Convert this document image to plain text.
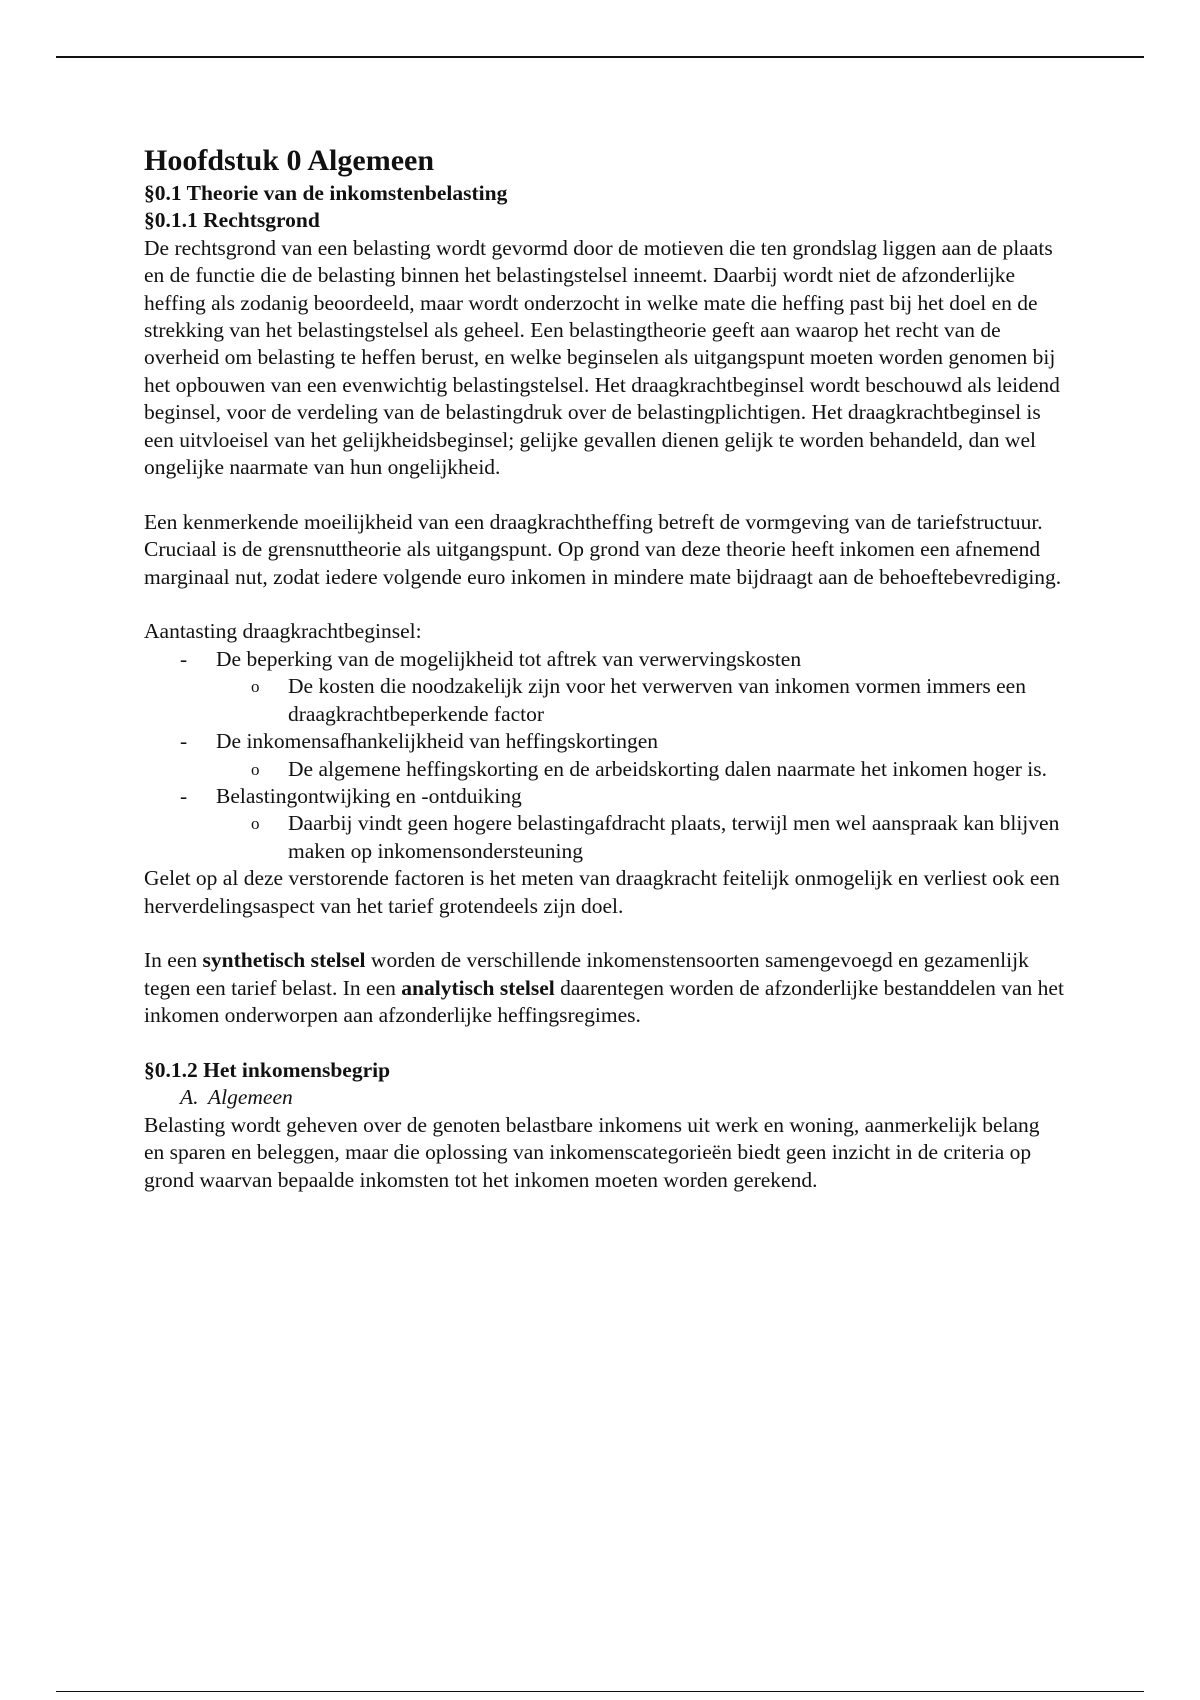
Hoofdstuk 0 Algemeen
§0.1 Theorie van de inkomstenbelasting
§0.1.1 Rechtsgrond

De rechtsgrond van een belasting wordt gevormd door de motieven die ten grondslag liggen aan de plaats en de functie die de belasting binnen het belastingstelsel inneemt. Daarbij wordt niet de afzonderlijke heffing als zodanig beoordeeld, maar wordt onderzocht in welke mate die heffing past bij het doel en de strekking van het belastingstelsel als geheel. Een belastingtheorie geeft aan waarop het recht van de overheid om belasting te heffen berust, en welke beginselen als uitgangspunt moeten worden genomen bij het opbouwen van een evenwichtig belastingstelsel. Het draagkrachtbeginsel wordt beschouwd als leidend beginsel, voor de verdeling van de belastingdruk over de belastingplichtigen. Het draagkrachtbeginsel is een uitvloeisel van het gelijkheidsbeginsel; gelijke gevallen dienen gelijk te worden behandeld, dan wel ongelijke naarmate van hun ongelijkheid.

Een kenmerkende moeilijkheid van een draagkrachtheffing betreft de vormgeving van de tariefstructuur. Cruciaal is de grensnuttheorie als uitgangspunt. Op grond van deze theorie heeft inkomen een afnemend marginaal nut, zodat iedere volgende euro inkomen in mindere mate bijdraagt aan de behoeftebevrediging.

Aantasting draagkrachtbeginsel:

-	De beperking van de mogelijkheid tot aftrek van verwervingskosten
o	De kosten die noodzakelijk zijn voor het verwerven van inkomen vormen immers een draagkrachtbeperkende factor
-	De inkomensafhankelijkheid van heffingskortingen
o	De algemene heffingskorting en de arbeidskorting dalen naarmate het inkomen hoger is.
-	Belastingontwijking en -ontduiking
o	Daarbij vindt geen hogere belastingafdracht plaats, terwijl men wel aanspraak kan blijven maken op inkomensondersteuning

Gelet op al deze verstorende factoren is het meten van draagkracht feitelijk onmogelijk en verliest ook een herverdelingsaspect van het tarief grotendeels zijn doel.

In een synthetisch stelsel worden de verschillende inkomenstensoorten samengevoegd en gezamenlijk tegen een tarief belast. In een analytisch stelsel daarentegen worden de afzonderlijke bestanddelen van het inkomen onderworpen aan afzonderlijke heffingsregimes.

§0.1.2 Het inkomensbegrip
A. Algemeen

Belasting wordt geheven over de genoten belastbare inkomens uit werk en woning, aanmerkelijk belang en sparen en beleggen, maar die oplossing van inkomenscategorieën biedt geen inzicht in de criteria op grond waarvan bepaalde inkomsten tot het inkomen moeten worden gerekend.
